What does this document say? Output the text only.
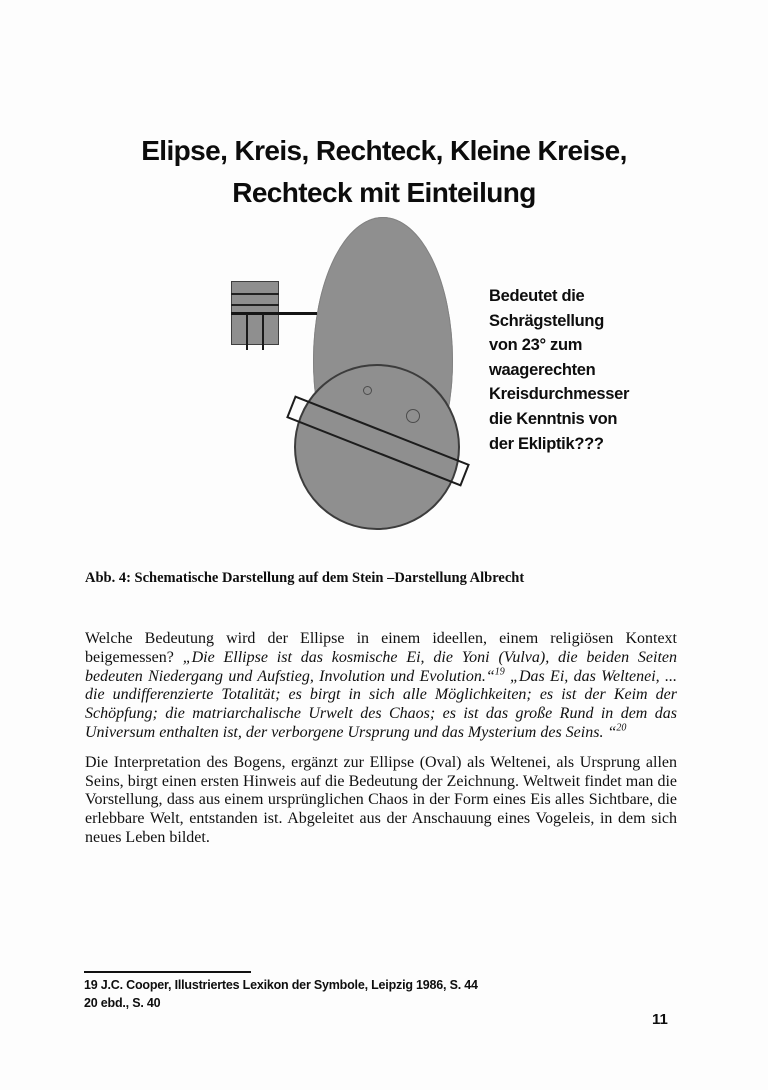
Elipse, Kreis, Rechteck, Kleine Kreise,
Rechteck mit Einteilung
Bedeutet die
Schrägstellung
von 23° zum
waagerechten
Kreisdurchmesser
die Kenntnis von
der Ekliptik???
Abb. 4: Schematische Darstellung auf dem Stein –Darstellung Albrecht

Welche Bedeutung wird der Ellipse in einem ideellen, einem religiösen Kontext beigemessen? „Die Ellipse ist das kosmische Ei, die Yoni (Vulva), die beiden Seiten bedeuten Niedergang und Aufstieg, Involution und Evolution.“$^{19}$ „Das Ei, das Weltenei, ... die undifferenzierte Totalität; es birgt in sich alle Möglichkeiten; es ist der Keim der Schöpfung; die matriarchalische Urwelt des Chaos; es ist das große Rund in dem das Universum enthalten ist, der verborgene Ursprung und das Mysterium des Seins. “$^{20}$

Die Interpretation des Bogens, ergänzt zur Ellipse (Oval) als Weltenei, als Ursprung allen Seins, birgt einen ersten Hinweis auf die Bedeutung der Zeichnung. Weltweit findet man die Vorstellung, dass aus einem ursprünglichen Chaos in der Form eines Eis alles Sichtbare, die erlebbare Welt, entstanden ist. Abgeleitet aus der Anschauung eines Vogeleis, in dem sich neues Leben bildet.

19 J.C. Cooper, Illustriertes Lexikon der Symbole, Leipzig 1986, S. 44
20 ebd., S. 40
11
